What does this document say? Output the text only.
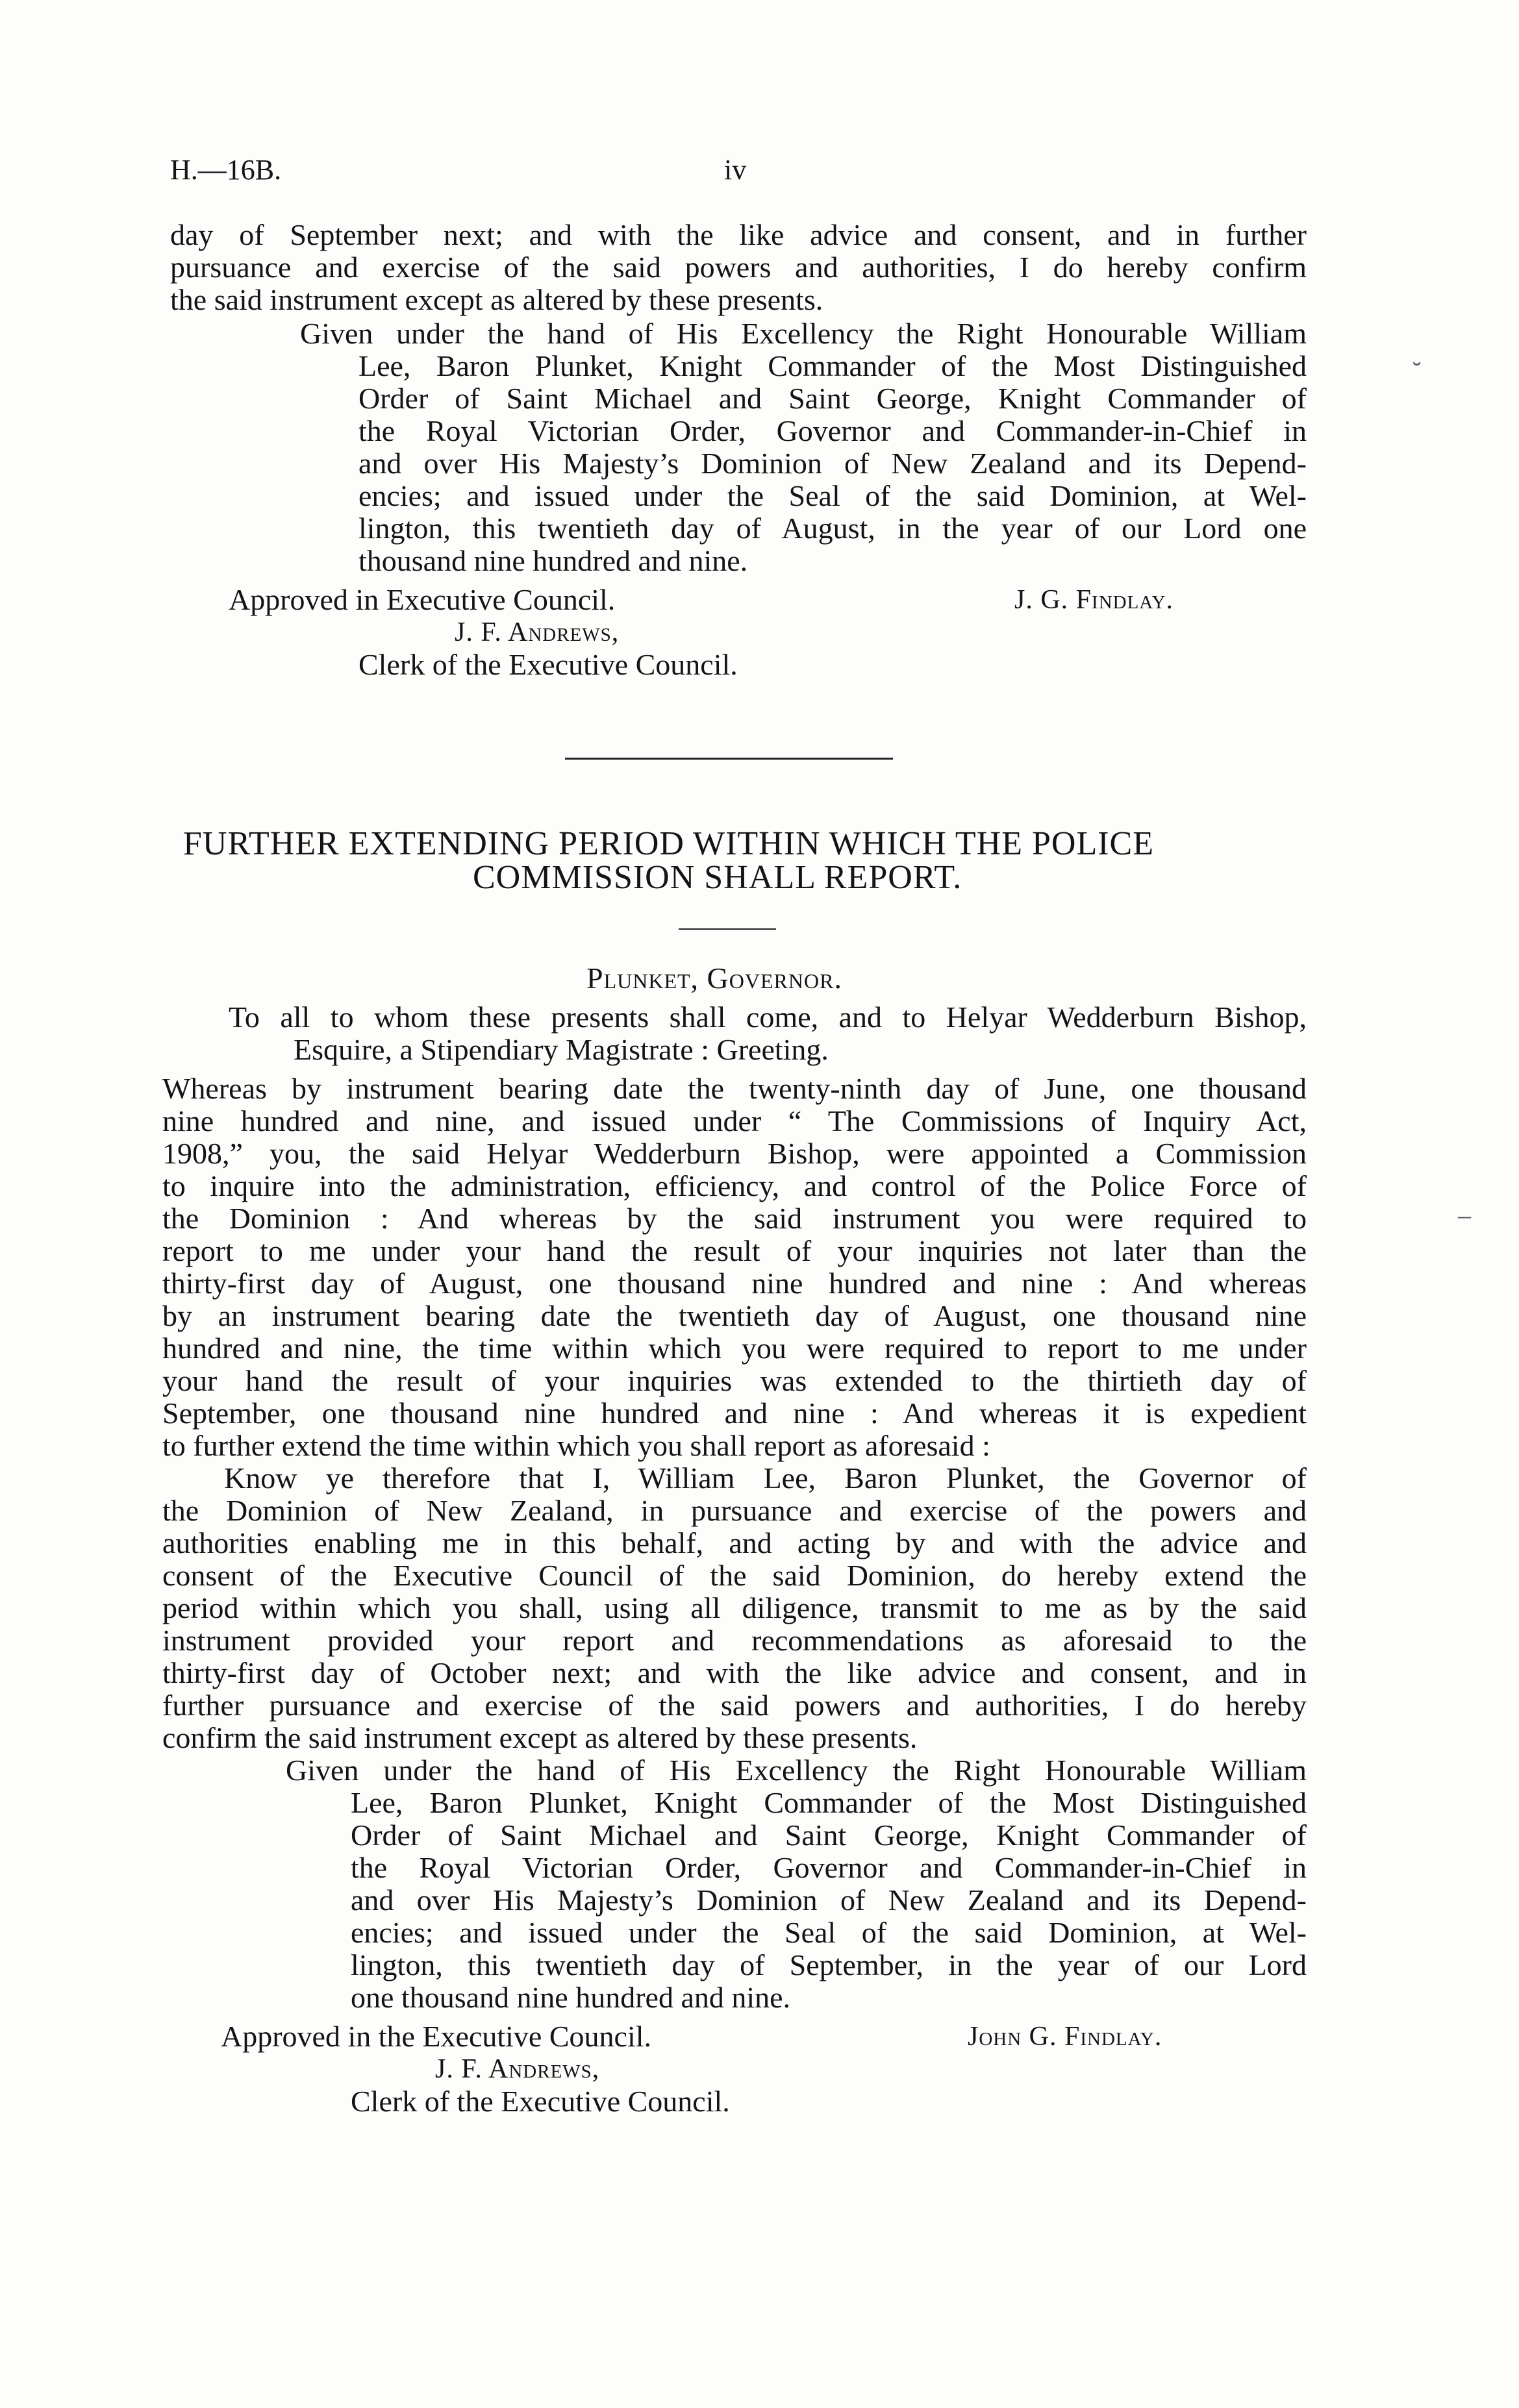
H.—16B.	iv
day of September next; and with the like advice and consent, and in further
pursuance and exercise of the said powers and authorities, I do hereby confirm
the said instrument except as altered by these presents.
Given under the hand of His Excellency the Right Honourable William
Lee, Baron Plunket, Knight Commander of the Most Distinguished
Order of Saint Michael and Saint George, Knight Commander of
the Royal Victorian Order, Governor and Commander-in-Chief in
and over His Majesty’s Dominion of New Zealand and its Depend-
encies; and issued under the Seal of the said Dominion, at Wel-
lington, this twentieth day of August, in the year of our Lord one
thousand nine hundred and nine.
Approved in Executive Council.	J. G. Findlay.
J. F. Andrews,
Clerk of the Executive Council.
FURTHER EXTENDING PERIOD WITHIN WHICH THE POLICE
COMMISSION SHALL REPORT.
Plunket, Governor.
To all to whom these presents shall come, and to Helyar Wedderburn Bishop,
Esquire, a Stipendiary Magistrate : Greeting.
Whereas by instrument bearing date the twenty-ninth day of June, one thousand
nine hundred and nine, and issued under “ The Commissions of Inquiry Act,
1908,” you, the said Helyar Wedderburn Bishop, were appointed a Commission
to inquire into the administration, efficiency, and control of the Police Force of
the Dominion : And whereas by the said instrument you were required to
report to me under your hand the result of your inquiries not later than the
thirty-first day of August, one thousand nine hundred and nine : And whereas
by an instrument bearing date the twentieth day of August, one thousand nine
hundred and nine, the time within which you were required to report to me under
your hand the result of your inquiries was extended to the thirtieth day of
September, one thousand nine hundred and nine : And whereas it is expedient
to further extend the time within which you shall report as aforesaid :
Know ye therefore that I, William Lee, Baron Plunket, the Governor of
the Dominion of New Zealand, in pursuance and exercise of the powers and
authorities enabling me in this behalf, and acting by and with the advice and
consent of the Executive Council of the said Dominion, do hereby extend the
period within which you shall, using all diligence, transmit to me as by the said
instrument provided your report and recommendations as aforesaid to the
thirty-first day of October next; and with the like advice and consent, and in
further pursuance and exercise of the said powers and authorities, I do hereby
confirm the said instrument except as altered by these presents.
Given under the hand of His Excellency the Right Honourable William
Lee, Baron Plunket, Knight Commander of the Most Distinguished
Order of Saint Michael and Saint George, Knight Commander of
the Royal Victorian Order, Governor and Commander-in-Chief in
and over His Majesty’s Dominion of New Zealand and its Depend-
encies; and issued under the Seal of the said Dominion, at Wel-
lington, this twentieth day of September, in the year of our Lord
one thousand nine hundred and nine.
Approved in the Executive Council.	John G. Findlay.
J. F. Andrews,
Clerk of the Executive Council.
˘
‒
